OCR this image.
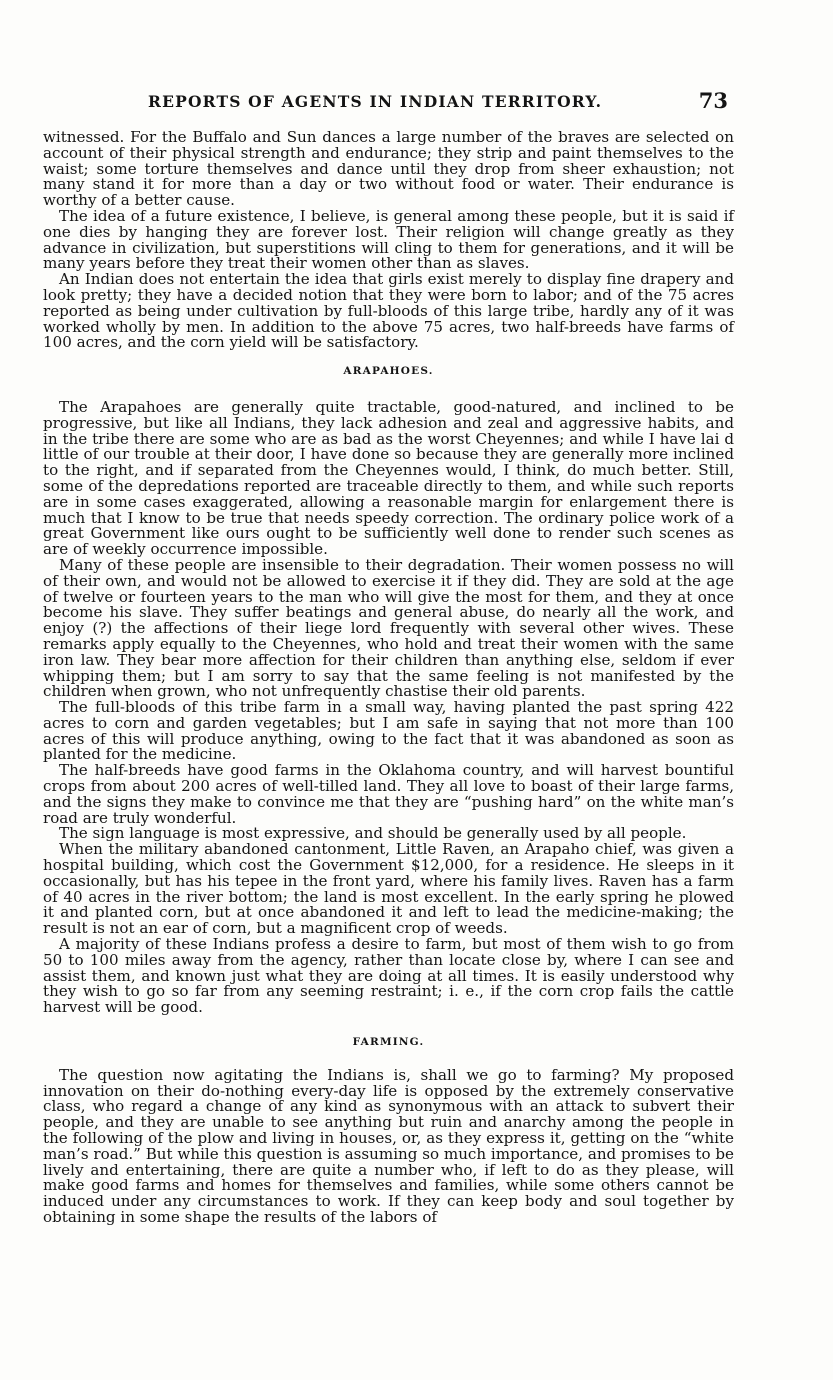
REPORTS OF AGENTS IN INDIAN TERRITORY.	73

witnessed. For the Buffalo and Sun dances a large number of the braves are selected on account of their physical strength and endurance; they strip and paint themselves to the waist; some torture themselves and dance until they drop from sheer exhaustion; not many stand it for more than a day or two without food or water. Their endurance is worthy of a better cause.

The idea of a future existence, I believe, is general among these people, but it is said if one dies by hanging they are forever lost. Their religion will change greatly as they advance in civilization, but superstitions will cling to them for generations, and it will be many years before they treat their women other than as slaves.

An Indian does not entertain the idea that girls exist merely to display fine drapery and look pretty; they have a decided notion that they were born to labor; and of the 75 acres reported as being under cultivation by full-bloods of this large tribe, hardly any of it was worked wholly by men. In addition to the above 75 acres, two half-breeds have farms of 100 acres, and the corn yield will be satisfactory.

ARAPAHOES.

The Arapahoes are generally quite tractable, good-natured, and inclined to be progressive, but like all Indians, they lack adhesion and zeal and aggressive habits, and in the tribe there are some who are as bad as the worst Cheyennes; and while I have lai d little of our trouble at their door, I have done so because they are generally more inclined to the right, and if separated from the Cheyennes would, I think, do much better. Still, some of the depredations reported are traceable directly to them, and while such reports are in some cases exaggerated, allowing a reasonable margin for enlargement there is much that I know to be true that needs speedy correction. The ordinary police work of a great Government like ours ought to be sufficiently well done to render such scenes as are of weekly occurrence impossible.

Many of these people are insensible to their degradation. Their women possess no will of their own, and would not be allowed to exercise it if they did. They are sold at the age of twelve or fourteen years to the man who will give the most for them, and they at once become his slave. They suffer beatings and general abuse, do nearly all the work, and enjoy (?) the affections of their liege lord frequently with several other wives. These remarks apply equally to the Cheyennes, who hold and treat their women with the same iron law. They bear more affection for their children than anything else, seldom if ever whipping them; but I am sorry to say that the same feeling is not manifested by the children when grown, who not unfrequently chastise their old parents.

The full-bloods of this tribe farm in a small way, having planted the past spring 422 acres to corn and garden vegetables; but I am safe in saying that not more than 100 acres of this will produce anything, owing to the fact that it was abandoned as soon as planted for the medicine.

The half-breeds have good farms in the Oklahoma country, and will harvest bountiful crops from about 200 acres of well-tilled land. They all love to boast of their large farms, and the signs they make to convince me that they are “pushing hard” on the white man’s road are truly wonderful.

The sign language is most expressive, and should be generally used by all people.

When the military abandoned cantonment, Little Raven, an Arapaho chief, was given a hospital building, which cost the Government $12,000, for a residence. He sleeps in it occasionally, but has his tepee in the front yard, where his family lives. Raven has a farm of 40 acres in the river bottom; the land is most excellent. In the early spring he plowed it and planted corn, but at once abandoned it and left to lead the medicine-making; the result is not an ear of corn, but a magnificent crop of weeds.

A majority of these Indians profess a desire to farm, but most of them wish to go from 50 to 100 miles away from the agency, rather than locate close by, where I can see and assist them, and known just what they are doing at all times. It is easily understood why they wish to go so far from any seeming restraint; i. e., if the corn crop fails the cattle harvest will be good.

FARMING.

The question now agitating the Indians is, shall we go to farming? My proposed innovation on their do-nothing every-day life is opposed by the extremely conservative class, who regard a change of any kind as synonymous with an attack to subvert their people, and they are unable to see anything but ruin and anarchy among the people in the following of the plow and living in houses, or, as they express it, getting on the “white man’s road.” But while this question is assuming so much importance, and promises to be lively and entertaining, there are quite a number who, if left to do as they please, will make good farms and homes for themselves and families, while some others cannot be induced under any circumstances to work. If they can keep body and soul together by obtaining in some shape the results of the labors of
